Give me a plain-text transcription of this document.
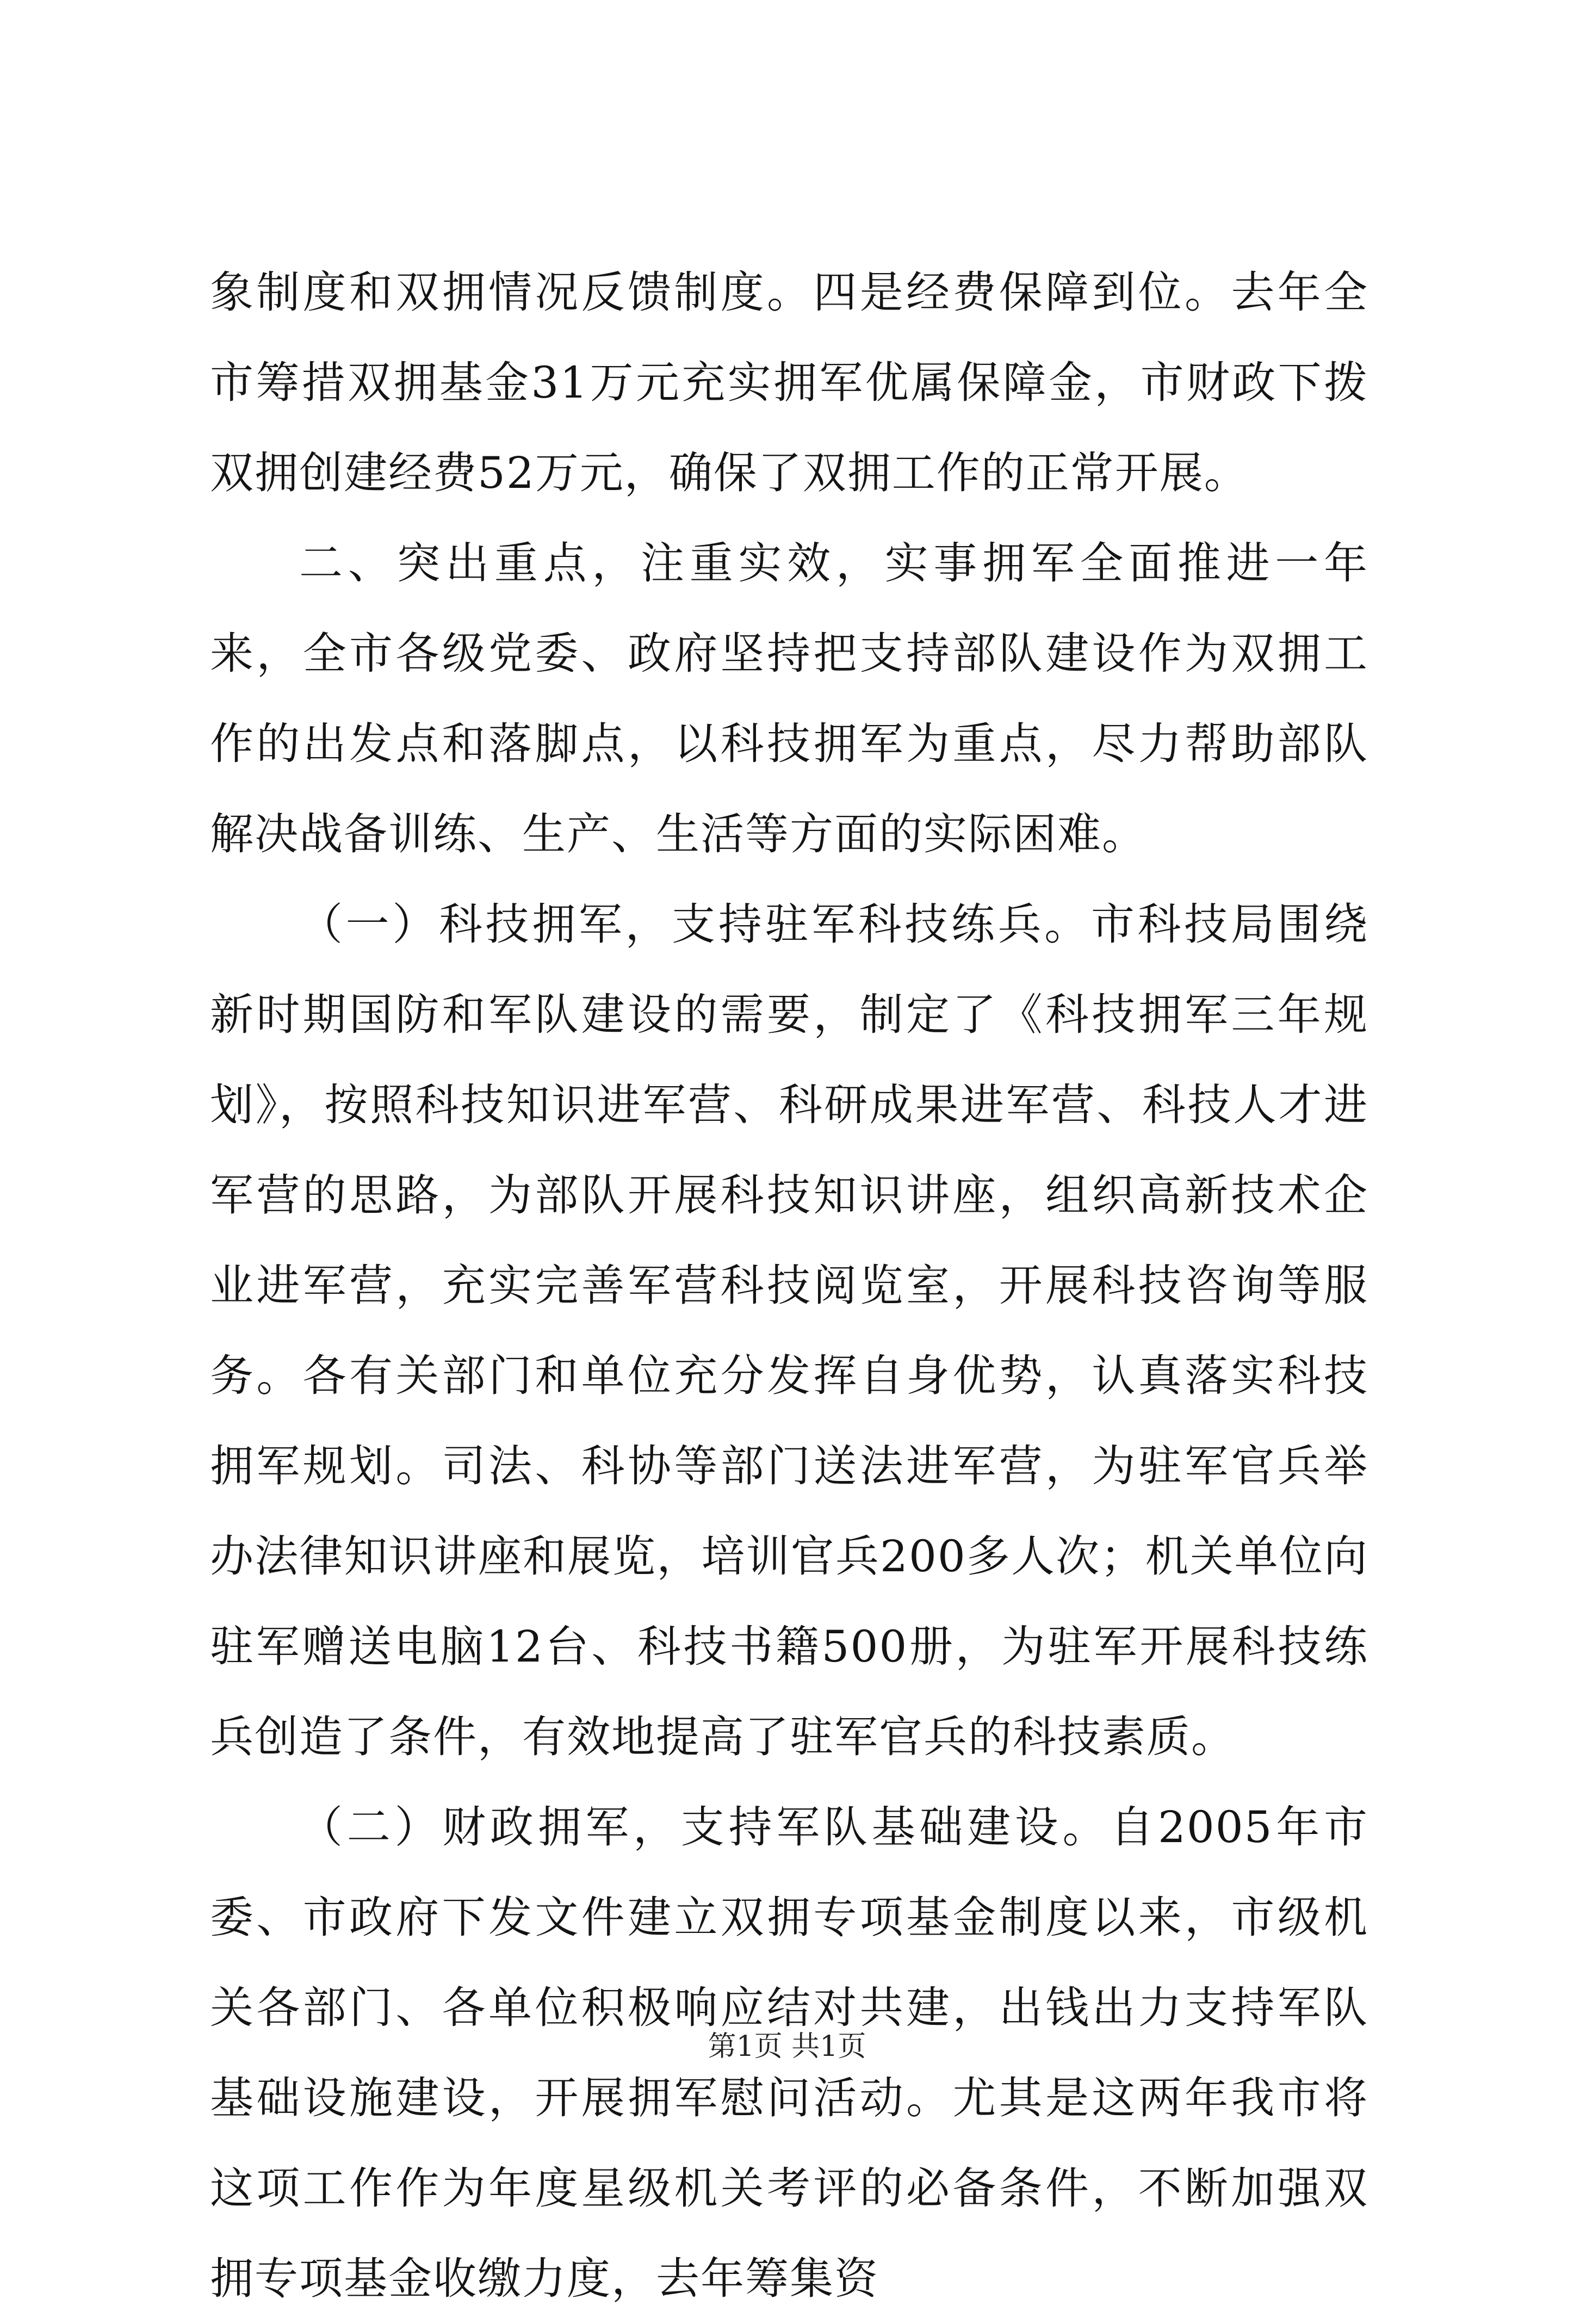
象制度和双拥情况反馈制度。四是经费保障到位。去年全市筹措双拥基金31万元充实拥军优属保障金，市财政下拨双拥创建经费52万元，确保了双拥工作的正常开展。

二、突出重点，注重实效，实事拥军全面推进一年来，全市各级党委、政府坚持把支持部队建设作为双拥工作的出发点和落脚点，以科技拥军为重点，尽力帮助部队解决战备训练、生产、生活等方面的实际困难。

（一）科技拥军，支持驻军科技练兵。市科技局围绕新时期国防和军队建设的需要，制定了《科技拥军三年规划》，按照科技知识进军营、科研成果进军营、科技人才进军营的思路，为部队开展科技知识讲座，组织高新技术企业进军营，充实完善军营科技阅览室，开展科技咨询等服务。各有关部门和单位充分发挥自身优势，认真落实科技拥军规划。司法、科协等部门送法进军营，为驻军官兵举办法律知识讲座和展览，培训官兵200多人次；机关单位向驻军赠送电脑12台、科技书籍500册，为驻军开展科技练兵创造了条件，有效地提高了驻军官兵的科技素质。

（二）财政拥军，支持军队基础建设。自2005年市委、市政府下发文件建立双拥专项基金制度以来，市级机关各部门、各单位积极响应结对共建，出钱出力支持军队基础设施建设，开展拥军慰问活动。尤其是这两年我市将这项工作作为年度星级机关考评的必备条件，不断加强双拥专项基金收缴力度，去年筹集资

第1页 共1页
